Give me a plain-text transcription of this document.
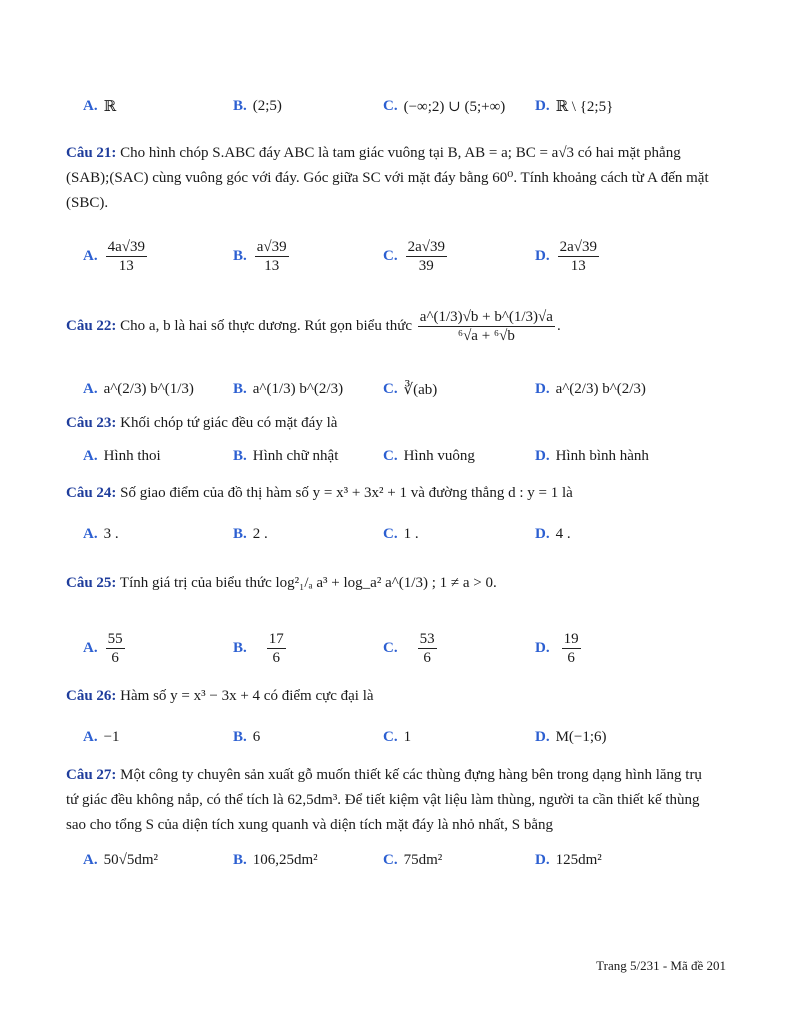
A. ℝ	B. (2;5)	C. (−∞;2) ∪ (5;+∞) D. ℝ \ {2;5}
Câu 21: Cho hình chóp S.ABC đáy ABC là tam giác vuông tại B, AB = a; BC = a√3 có hai mặt phẳng
(SAB);(SAC) cùng vuông góc với đáy. Góc giữa SC với mặt đáy bằng 60⁰. Tính khoảng cách từ A đến mặt
(SBC).
A. $\frac{4a√39}{13}$	B. $\frac{a√39}{13}$	C. $\frac{2a√39}{39}$	D. $\frac{2a√39}{13}$
Câu 22:
Cho a, b là hai số thực dương. Rút gọn biểu thức
$\frac{a\^{}(1/3)√b + b\^{}(1/3)√a}{\text{⁶√a + ⁶√b}}$ .
A. a^(2/3) b^(1/3)	B. a^(1/3) b^(2/3)	C. ∛(ab)	D. a^(2/3) b^(2/3)
Câu 23: Khối chóp tứ giác đều có mặt đáy là
A. Hình thoi	B. Hình chữ nhật	C. Hình vuông	D. Hình bình hành
Câu 24: Số giao điểm của đồ thị hàm số y = x³ + 3x² + 1 và đường thẳng d : y = 1 là
A. 3 .	B. 2 .	C. 1 .	D. 4 .
Câu 25: Tính giá trị của biểu thức log²₁/ₐ a³ + log_a² a^(1/3) ; 1 ≠ a > 0.
A. $\frac{55}{6}$	B. $\frac{17}{6}$	C. $\frac{53}{6}$	D. $\frac{19}{6}$
Câu 26: Hàm số y = x³ − 3x + 4 có điểm cực đại là
A. −1	B. 6	C. 1	D. M(−1;6)
Câu 27: Một công ty chuyên sản xuất gỗ muốn thiết kế các thùng đựng hàng bên trong dạng hình lăng trụ
tứ giác đều không nắp, có thể tích là 62,5dm³. Để tiết kiệm vật liệu làm thùng, người ta cần thiết kế thùng
sao cho tổng S của diện tích xung quanh và diện tích mặt đáy là nhỏ nhất, S bằng
A. 50√5dm²	B. 106,25dm²	C. 75dm²	D. 125dm²
Trang 5/231 - Mã đề 201
